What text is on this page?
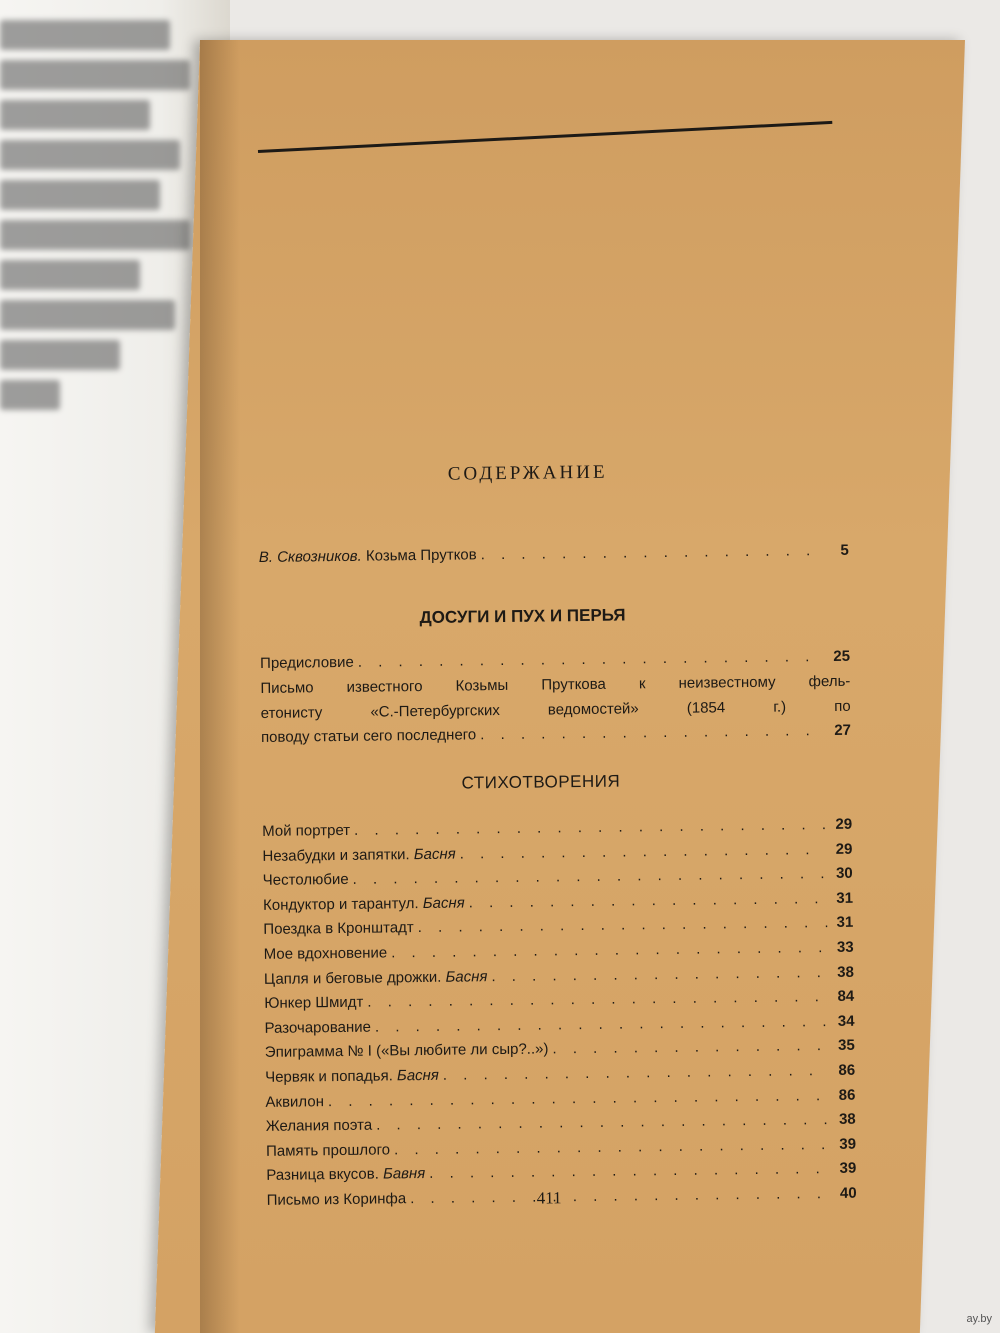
СОДЕРЖАНИЕ
В. Сквозников. Козьма Прутков . . .	5
ДОСУГИ И ПУХ И ПЕРЬЯ
Предисловие . . .	25
Письмо известного Козьмы Пруткова к неизвестному фель-
етонисту «С.-Петербургских ведомостей» (1854 г.) по
поводу статьи сего последнего . . .	27
СТИХОТВОРЕНИЯ
Мой портрет . . .	29
Незабудки и запятки. Басня . . .	29
Честолюбие . . .	30
Кондуктор и тарантул. Басня . . .	31
Поездка в Кронштадт . . .	31
Мое вдохновение . . .	33
Цапля и беговые дрожки. Басня . . .	38
Юнкер Шмидт . . .	84
Разочарование . . .	34
Эпиграмма № I («Вы любите ли сыр?..») . . .	35
Червяк и попадья. Басня . . .	86
Аквилон . . .	86
Желания поэта . . .	38
Память прошлого . . .	39
Разница вкусов. Бавня . . .	39
Письмо из Коринфа . . .	40
411
ay.by
